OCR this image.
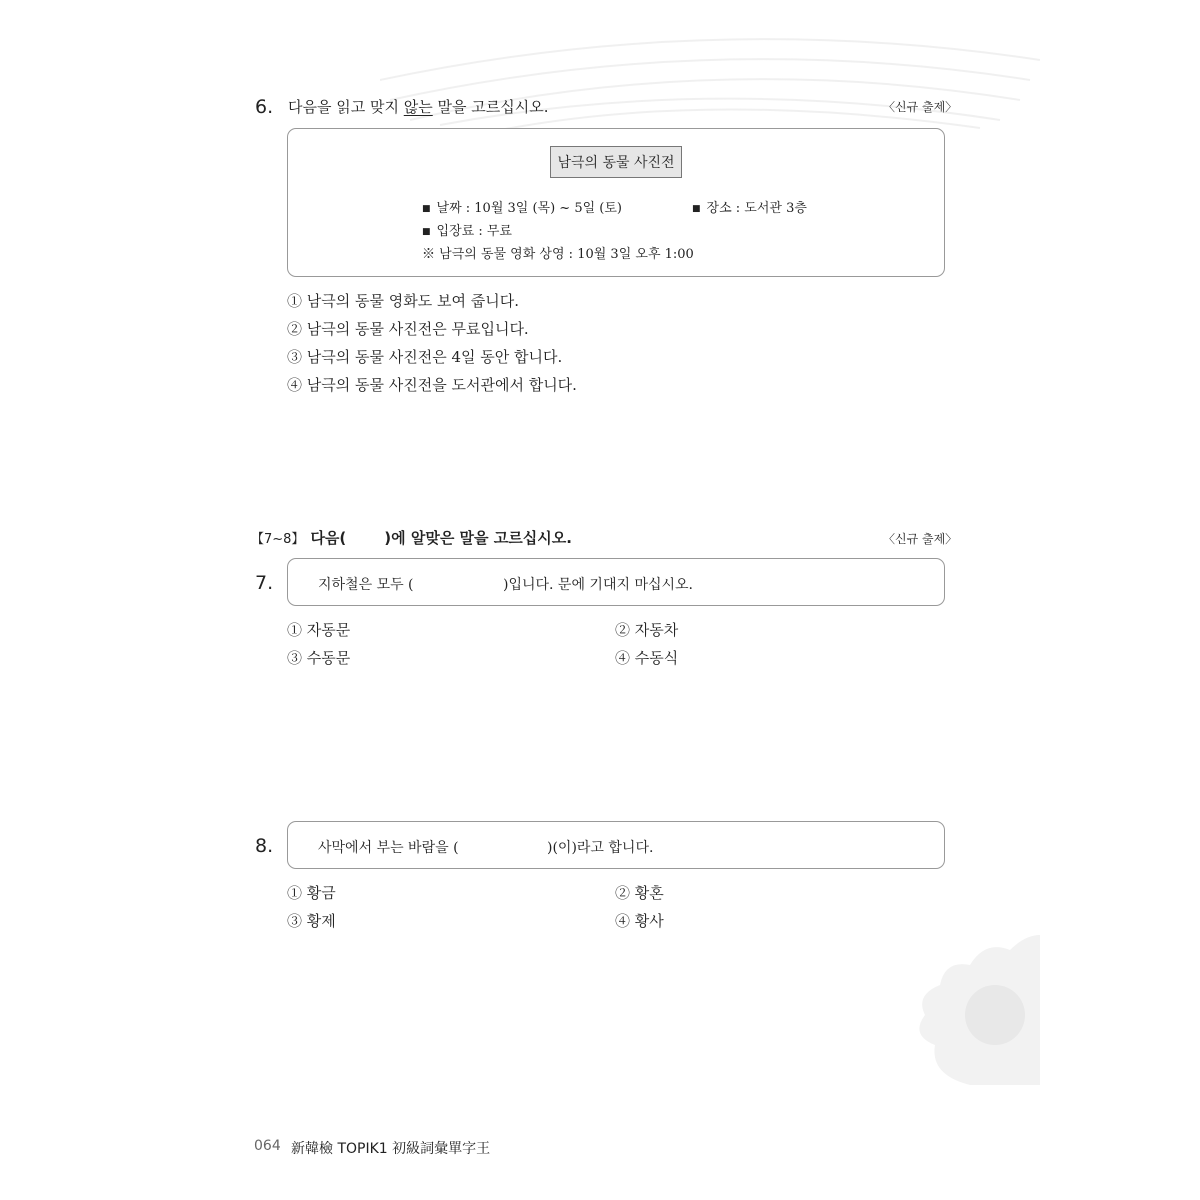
6. 다음을 읽고 맞지 않는 말을 고르십시오.	〈신규 출제〉
남극의 동물 사진전
■ 날짜 : 10월 3일 (목) ~ 5일 (토)	■ 장소 : 도서관 3층
■ 입장료 : 무료
※ 남극의 동물 영화 상영 : 10월 3일 오후 1:00
① 남극의 동물 영화도 보여 줍니다.
② 남극의 동물 사진전은 무료입니다.
③ 남극의 동물 사진전은 4일 동안 합니다.
④ 남극의 동물 사진전을 도서관에서 합니다.
【7~8】 다음(	)에 알맞은 말을 고르십시오.	〈신규 출제〉
7.	지하철은 모두 (	)입니다. 문에 기대지 마십시오.
① 자동문	② 자동차
③ 수동문	④ 수동식
8.	사막에서 부는 바람을 (	)(이)라고 합니다.
① 황금	② 황혼
③ 황제	④ 황사
064 新韓檢 TOPIK1 初級詞彙單字王
